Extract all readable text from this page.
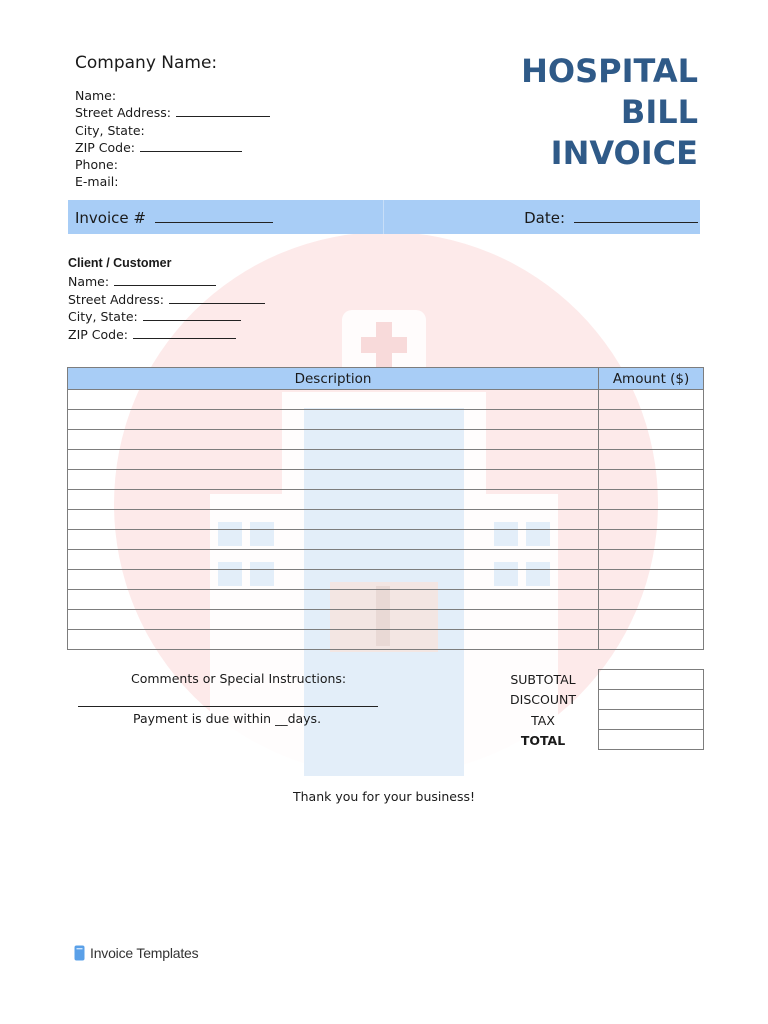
Company Name:
Name:
Street Address:
City, State:
ZIP Code:
Phone:
E-mail:
HOSPITAL
BILL
INVOICE
Invoice #	Date:
Client / Customer
Name:
Street Address:
City, State:
ZIP Code:
Description	Amount ($)

Comments or Special Instructions:
Payment is due within __days.
SUBTOTAL
DISCOUNT
TAX
TOTAL

Thank you for your business!
Invoice Templates
